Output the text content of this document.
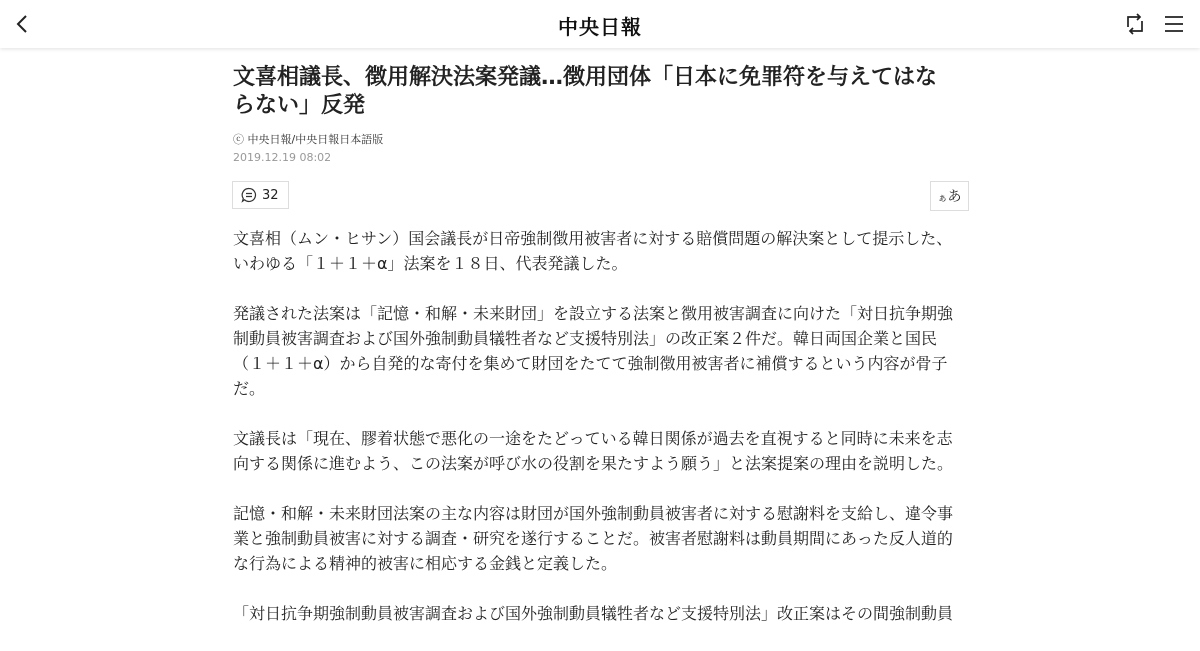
中央日報
文喜相議長、徴用解決法案発議…徴用団体「日本に免罪符を与えてはならない」反発
ⓒ 中央日報/中央日報日本語版
2019.12.19 08:02
32	ぁあ

文喜相（ムン・ヒサン）国会議長が日帝強制徴用被害者に対する賠償問題の解決案として提示した、いわゆる「１＋１＋α」法案を１８日、代表発議した。

発議された法案は「記憶・和解・未来財団」を設立する法案と徴用被害調査に向けた「対日抗争期強制動員被害調査および国外強制動員犠牲者など支援特別法」の改正案２件だ。韓日両国企業と国民（１＋１＋α）から自発的な寄付を集めて財団をたてて強制徴用被害者に補償するという内容が骨子だ。

文議長は「現在、膠着状態で悪化の一途をたどっている韓日関係が過去を直視すると同時に未来を志向する関係に進むよう、この法案が呼び水の役割を果たすよう願う」と法案提案の理由を説明した。

記憶・和解・未来財団法案の主な内容は財団が国外強制動員被害者に対する慰謝料を支給し、違令事業と強制動員被害に対する調査・研究を遂行することだ。被害者慰謝料は動員期間にあった反人道的な行為による精神的被害に相応する金銭と定義した。

「対日抗争期強制動員被害調査および国外強制動員犠牲者など支援特別法」改正案はその間強制動員
